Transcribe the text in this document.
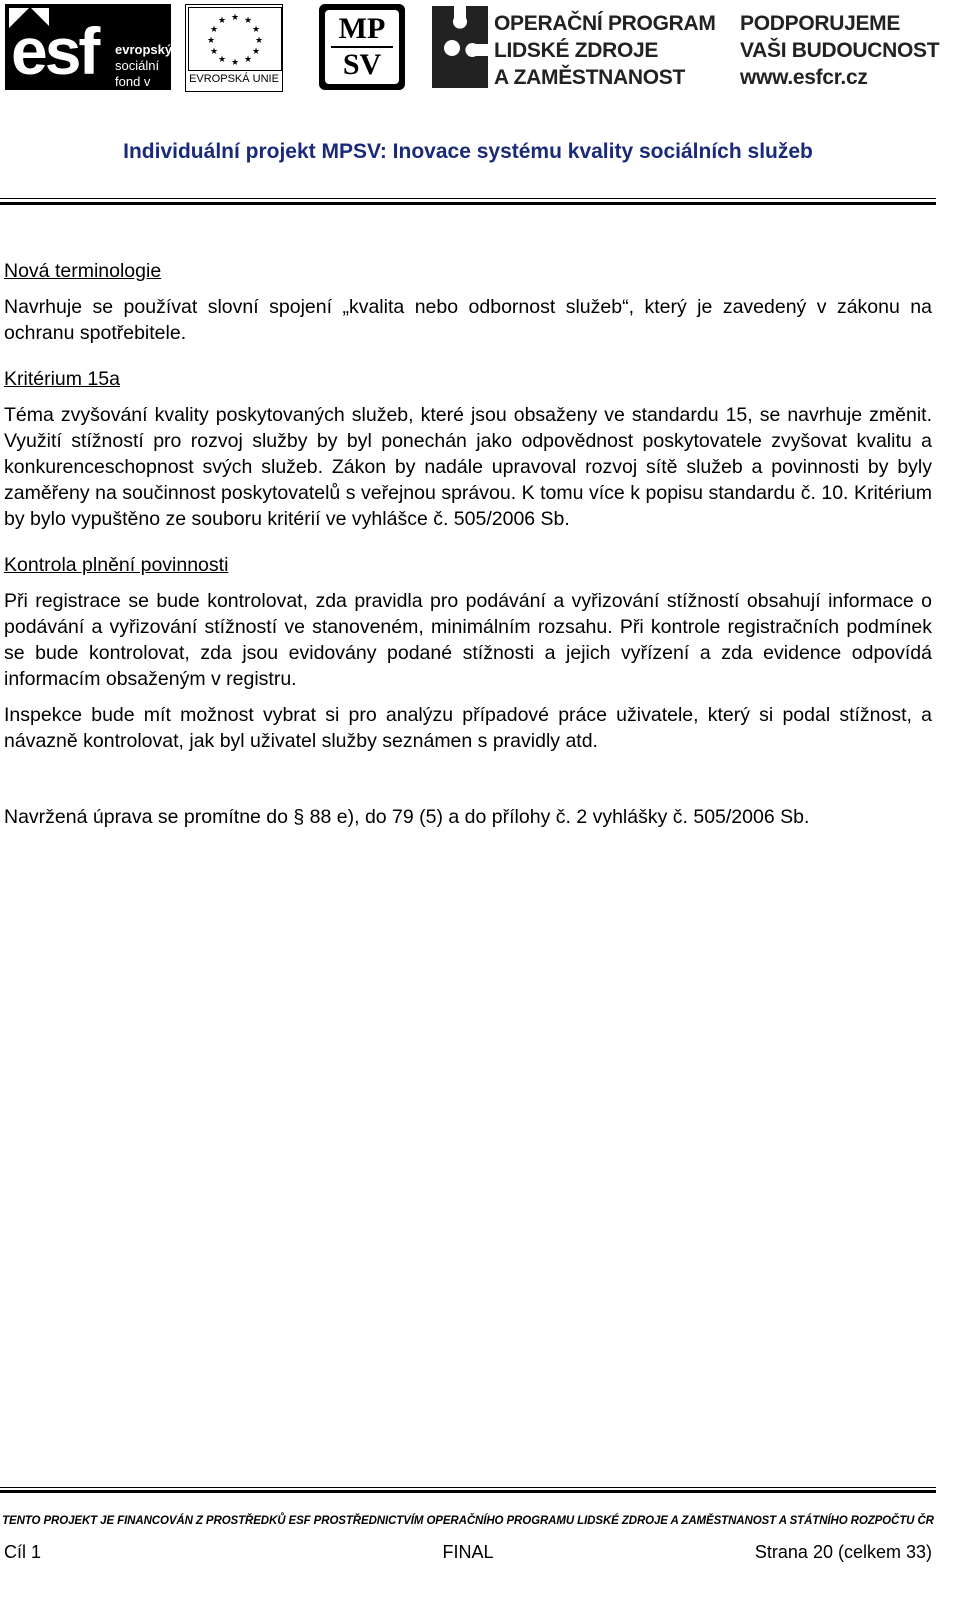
esf evropský
sociální
fond v ČR
★ ★
★
★
★
★
★
★
★
★
★
★
EVROPSKÁ UNIE
MP
SV
OPERAČNÍ PROGRAM
LIDSKÉ ZDROJE
A ZAMĚSTNANOST
PODPORUJEME
VAŠI BUDOUCNOST
www.esfcr.cz
Individuální projekt MPSV: Inovace systému kvality sociálních služeb
Nová terminologie

Navrhuje se používat slovní spojení „kvalita nebo odbornost služeb“, který je zavedený v zákonu na ochranu spotřebitele.

Kritérium 15a

Téma zvyšování kvality poskytovaných služeb, které jsou obsaženy ve standardu 15, se navrhuje změnit. Využití stížností pro rozvoj služby by byl ponechán jako odpovědnost poskytovatele zvyšovat kvalitu a konkurenceschopnost svých služeb. Zákon by nadále upravoval rozvoj sítě služeb a povinnosti by byly zaměřeny na součinnost poskytovatelů s veřejnou správou. K tomu více k popisu standardu č. 10. Kritérium by bylo vypuštěno ze souboru kritérií ve vyhlášce č. 505/2006 Sb.

Kontrola plnění povinnosti

Při registrace se bude kontrolovat, zda pravidla pro podávání a vyřizování stížností obsahují informace o podávání a vyřizování stížností ve stanoveném, minimálním rozsahu. Při kontrole registračních podmínek se bude kontrolovat, zda jsou evidovány podané stížnosti a jejich vyřízení a zda evidence odpovídá informacím obsaženým v registru.

Inspekce bude mít možnost vybrat si pro analýzu případové práce uživatele, který si podal stížnost, a návazně kontrolovat, jak byl uživatel služby seznámen s pravidly atd.

Navržená úprava se promítne do § 88 e), do 79 (5) a do přílohy č. 2 vyhlášky č. 505/2006 Sb.

TENTO PROJEKT JE FINANCOVÁN Z PROSTŘEDKŮ ESF PROSTŘEDNICTVÍM OPERAČNÍHO PROGRAMU LIDSKÉ ZDROJE A ZAMĚSTNANOST A STÁTNÍHO ROZPOČTU ČR
Cíl 1	FINAL	Strana 20 (celkem 33)
